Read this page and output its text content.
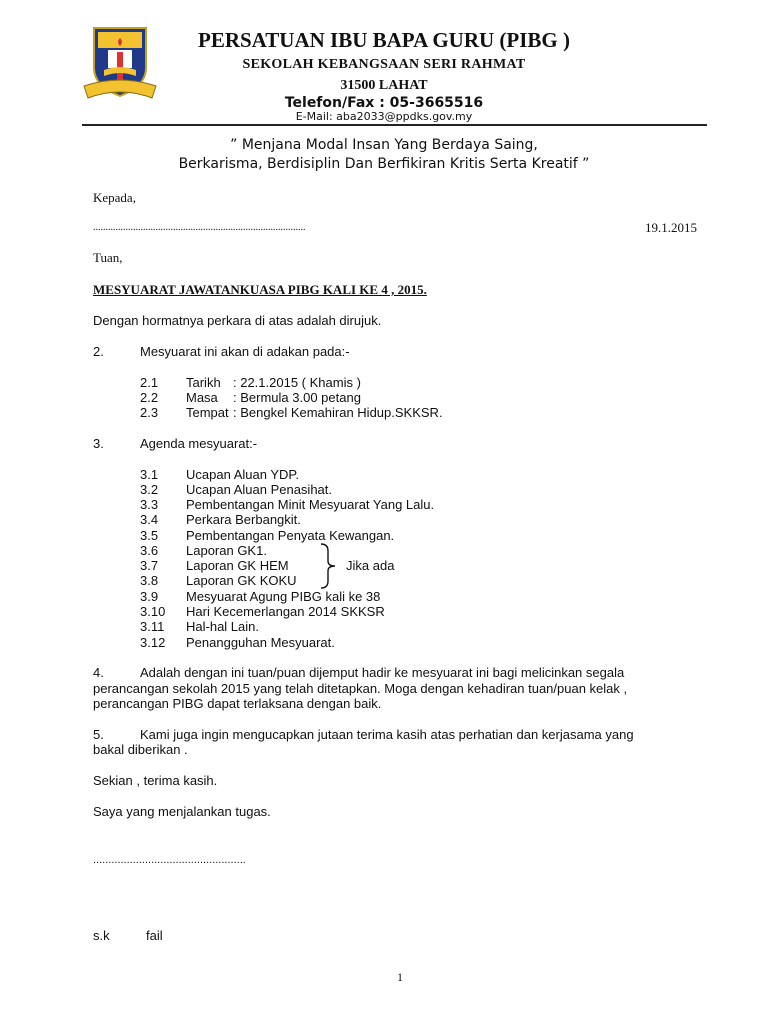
PERSATUAN IBU BAPA GURU (PIBG )
SEKOLAH KEBANGSAAN SERI RAHMAT
31500 LAHAT
Telefon/Fax : 05-3665516
E-Mail: aba2033@ppdks.gov.my
” Menjana Modal Insan Yang Berdaya Saing,
Berkarisma, Berdisiplin Dan Berfikiran Kritis Serta Kreatif ”
Kepada,
.....................................................................................	19.1.2015
Tuan,
MESYUARAT JAWATANKUASA PIBG KALI KE 4 , 2015.
Dengan hormatnya perkara di atas adalah dirujuk.
2.	Mesyuarat ini akan di adakan pada:-
2.1 Tarikh : 22.1.2015 ( Khamis )
2.2 Masa : Bermula 3.00 petang
2.3 Tempat : Bengkel Kemahiran Hidup.SKKSR.
3.	Agenda mesyuarat:-
3.1 Ucapan Aluan YDP.
3.2 Ucapan Aluan Penasihat.
3.3 Pembentangan Minit Mesyuarat Yang Lalu.
3.4 Perkara Berbangkit.
3.5 Pembentangan Penyata Kewangan.
3.6 Laporan GK1.
3.7 Laporan GK HEM
3.8 Laporan GK KOKU
3.9 Mesyuarat Agung PIBG kali ke 38
3.10 Hari Kecemerlangan 2014 SKKSR
3.11 Hal-hal Lain.
3.12 Penangguhan Mesyuarat.
Jika ada
4.	Adalah dengan ini tuan/puan dijemput hadir ke mesyuarat ini bagi melicinkan segala
perancangan sekolah 2015 yang telah ditetapkan. Moga dengan kehadiran tuan/puan kelak ,
perancangan PIBG dapat terlaksana dengan baik.
5.	Kami juga ingin mengucapkan jutaan terima kasih atas perhatian dan kerjasama yang
bakal diberikan .
Sekian , terima kasih.
Saya yang menjalankan tugas.
..................................................
s.k	fail
1
